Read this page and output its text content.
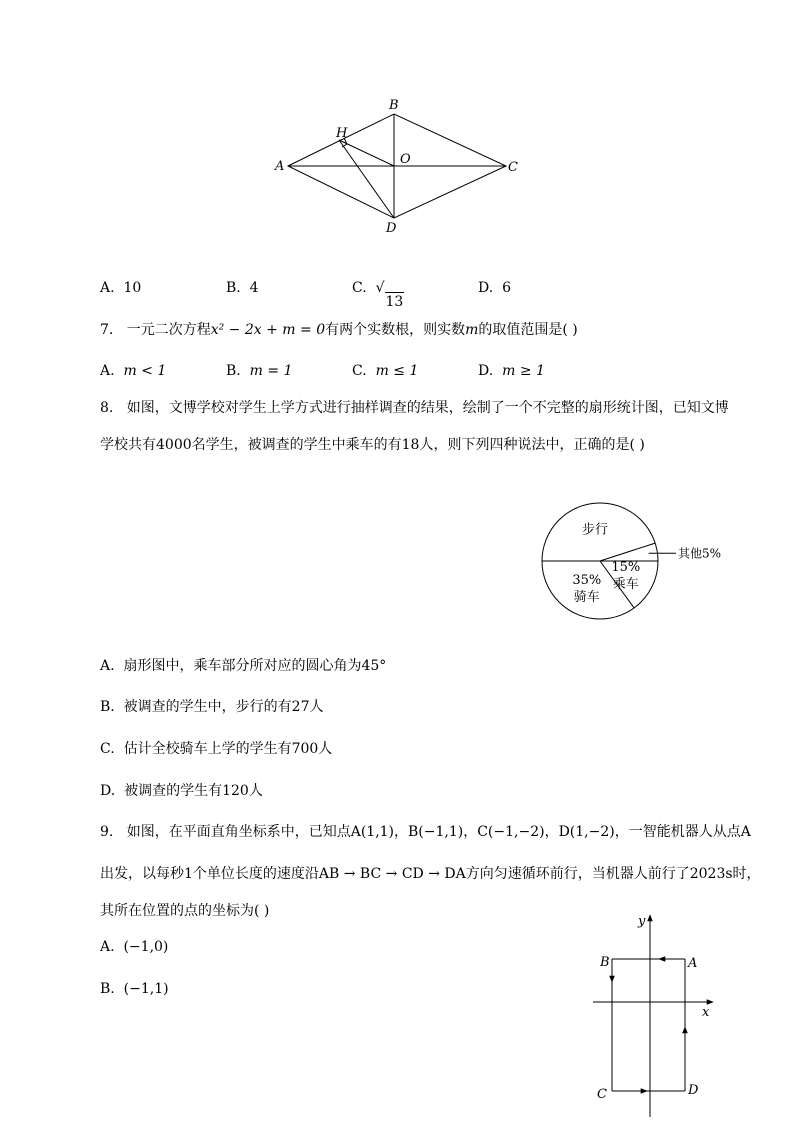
B
H
A	O
C
D
A. 10	B. 4	C. √
13
D. 6
7. 一元二次方程x² − 2x + m = 0有两个实数根，则实数m的取值范围是( )
A. m < 1	B. m = 1	C. m ≤ 1	D. m ≥ 1
8. 如图，文博学校对学生上学方式进行抽样调查的结果，绘制了一个不完整的扇形统计图，已知文博
学校共有4000名学生，被调查的学生中乘车的有18人，则下列四种说法中，正确的是( )
步行
其他5%
15%
乘车
35%
骑车
A. 扇形图中，乘车部分所对应的圆心角为45°
B. 被调查的学生中，步行的有27人
C. 估计全校骑车上学的学生有700人
D. 被调查的学生有120人
9. 如图，在平面直角坐标系中，已知点A(1,1)，B(−1,1)，C(−1,−2)，D(1,−2)，一智能机器人从点A
出发，以每秒1个单位长度的速度沿AB → BC → CD → DA方向匀速循环前行，当机器人前行了2023s时，
其所在位置的点的坐标为( )
A. (−1,0)
B. (−1,1)
y
x
B	A
C	D
